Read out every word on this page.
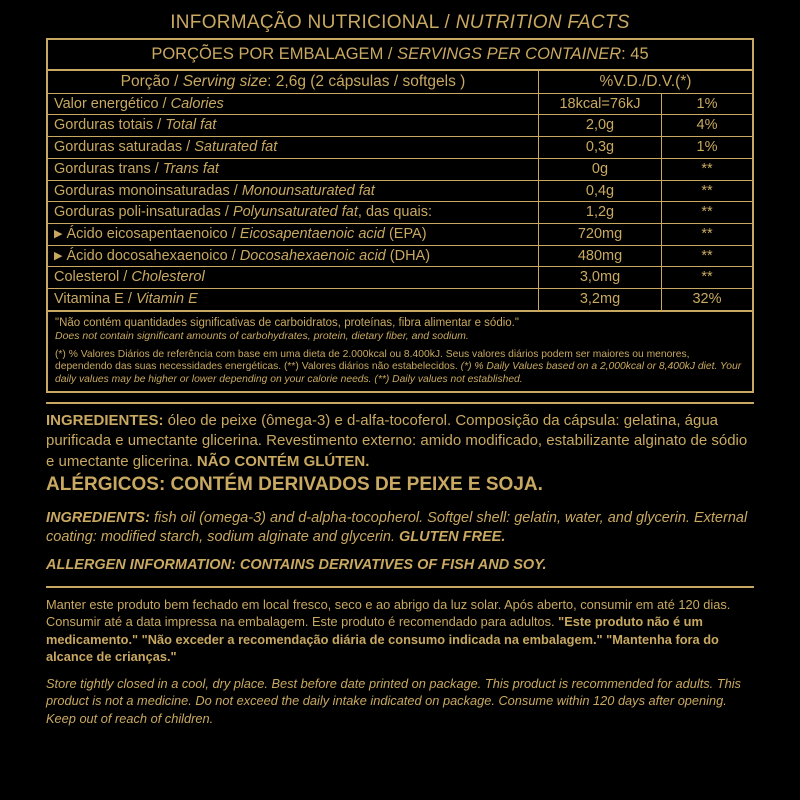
INFORMAÇÃO NUTRICIONAL / NUTRITION FACTS
PORÇÕES POR EMBALAGEM / SERVINGS PER CONTAINER: 45
Porção / Serving size: 2,6g (2 cápsulas / softgels )	%V.D./D.V.(*)	
Valor energético / Calories	18kcal=76kJ	1%
Gorduras totais / Total fat	2,0g	4%
Gorduras saturadas / Saturated fat	0,3g	1%
Gorduras trans / Trans fat	0g	**
Gorduras monoinsaturadas / Monounsaturated fat	0,4g	**
Gorduras poli-insaturadas / Polyunsaturated fat, das quais:	1,2g	**
▶ Ácido eicosapentaenoico / Eicosapentaenoic acid (EPA)	720mg	**
▶ Ácido docosahexaenoico / Docosahexaenoic acid (DHA)	480mg	**
Colesterol / Cholesterol	3,0mg	**
Vitamina E / Vitamin E	3,2mg	32%
"Não contém quantidades significativas de carboidratos, proteínas, fibra alimentar e sódio."
Does not contain significant amounts of carbohydrates, protein, dietary fiber, and sodium.
(*) % Valores Diários de referência com base em uma dieta de 2.000kcal ou 8.400kJ. Seus valores diários podem ser maiores ou menores, dependendo das suas necessidades energéticas. (**) Valores diários não estabelecidos. (*) % Daily Values based on a 2,000kcal or 8,400kJ diet. Your daily values may be higher or lower depending on your calorie needs. (**) Daily values not established.
INGREDIENTES: óleo de peixe (ômega-3) e d-alfa-tocoferol. Composição da cápsula: gelatina, água purificada e umectante glicerina. Revestimento externo: amido modificado, estabilizante alginato de sódio e umectante glicerina. NÃO CONTÉM GLÚTEN.
ALÉRGICOS: CONTÉM DERIVADOS DE PEIXE E SOJA.
INGREDIENTS: fish oil (omega-3) and d-alpha-tocopherol. Softgel shell: gelatin, water, and glycerin. External coating: modified starch, sodium alginate and glycerin. GLUTEN FREE.
ALLERGEN INFORMATION: CONTAINS DERIVATIVES OF FISH AND SOY.
Manter este produto bem fechado em local fresco, seco e ao abrigo da luz solar. Após aberto, consumir em até 120 dias. Consumir até a data impressa na embalagem. Este produto é recomendado para adultos. "Este produto não é um medicamento." "Não exceder a recomendação diária de consumo indicada na embalagem." "Mantenha fora do alcance de crianças."
Store tightly closed in a cool, dry place. Best before date printed on package. This product is recommended for adults. This product is not a medicine. Do not exceed the daily intake indicated on package. Consume within 120 days after opening. Keep out of reach of children.
